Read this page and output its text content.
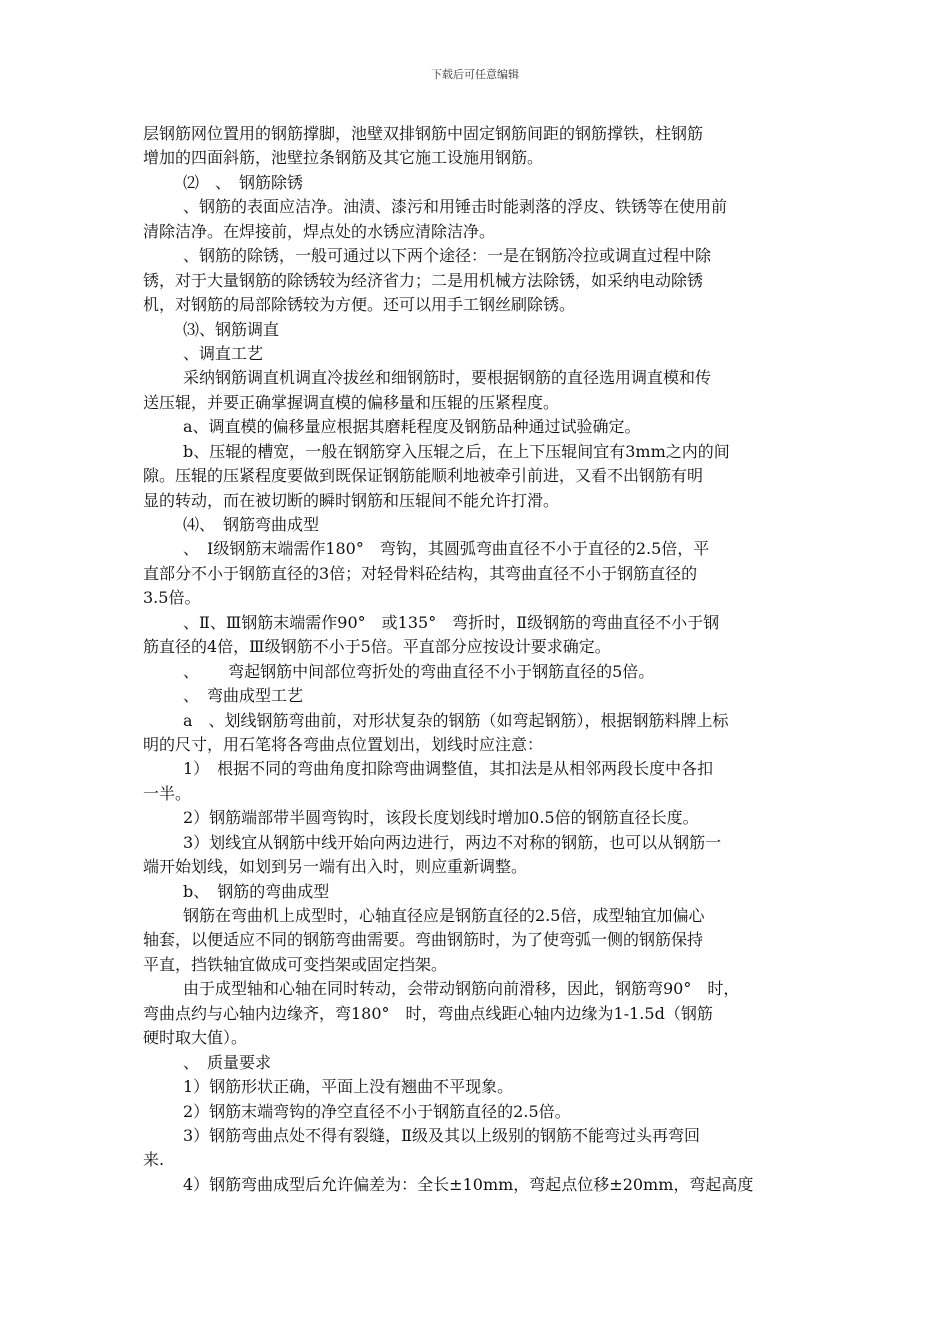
下载后可任意编辑
层钢筋网位置用的钢筋撑脚，池壁双排钢筋中固定钢筋间距的钢筋撑铁，柱钢筋
增加的四面斜筋，池壁拉条钢筋及其它施工设施用钢筋。
⑵　、　钢筋除锈
、钢筋的表面应洁净。油渍、漆污和用锤击时能剥落的浮皮、铁锈等在使用前
清除洁净。在焊接前，焊点处的水锈应清除洁净。
、钢筋的除锈，一般可通过以下两个途径：一是在钢筋冷拉或调直过程中除
锈，对于大量钢筋的除锈较为经济省力；二是用机械方法除锈，如采纳电动除锈
机，对钢筋的局部除锈较为方便。还可以用手工钢丝刷除锈。
⑶、钢筋调直
、调直工艺
采纳钢筋调直机调直冷拔丝和细钢筋时，要根据钢筋的直径选用调直模和传
送压辊，并要正确掌握调直模的偏移量和压辊的压紧程度。
a、调直模的偏移量应根据其磨耗程度及钢筋品种通过试验确定。
b、压辊的槽宽，一般在钢筋穿入压辊之后，在上下压辊间宜有3mm之内的间
隙。压辊的压紧程度要做到既保证钢筋能顺利地被牵引前进，又看不出钢筋有明
显的转动，而在被切断的瞬时钢筋和压辊间不能允许打滑。
⑷、　钢筋弯曲成型
、　Ⅰ级钢筋末端需作180°　弯钩，其圆弧弯曲直径不小于直径的2.5倍，平
直部分不小于钢筋直径的3倍；对轻骨料砼结构，其弯曲直径不小于钢筋直径的
3.5倍。
、Ⅱ、Ⅲ钢筋末端需作90°　或135°　弯折时，Ⅱ级钢筋的弯曲直径不小于钢
筋直径的4倍，Ⅲ级钢筋不小于5倍。平直部分应按设计要求确定。
、　　 弯起钢筋中间部位弯折处的弯曲直径不小于钢筋直径的5倍。
、　弯曲成型工艺
a　、划线钢筋弯曲前，对形状复杂的钢筋（如弯起钢筋），根据钢筋料牌上标
明的尺寸，用石笔将各弯曲点位置划出，划线时应注意：
1）　根据不同的弯曲角度扣除弯曲调整值，其扣法是从相邻两段长度中各扣
一半。
2）钢筋端部带半圆弯钩时，该段长度划线时增加0.5倍的钢筋直径长度。
3）划线宜从钢筋中线开始向两边进行，两边不对称的钢筋，也可以从钢筋一
端开始划线，如划到另一端有出入时，则应重新调整。
b、　钢筋的弯曲成型
钢筋在弯曲机上成型时，心轴直径应是钢筋直径的2.5倍，成型轴宜加偏心
轴套，以便适应不同的钢筋弯曲需要。弯曲钢筋时，为了使弯弧一侧的钢筋保持
平直，挡铁轴宜做成可变挡架或固定挡架。
由于成型轴和心轴在同时转动，会带动钢筋向前滑移，因此，钢筋弯90°　时，
弯曲点约与心轴内边缘齐，弯180°　时，弯曲点线距心轴内边缘为1-1.5d（钢筋
硬时取大值）。
、　质量要求
1）钢筋形状正确，平面上没有翘曲不平现象。
2）钢筋末端弯钩的净空直径不小于钢筋直径的2.5倍。
3）钢筋弯曲点处不得有裂缝，Ⅱ级及其以上级别的钢筋不能弯过头再弯回
来.
4）钢筋弯曲成型后允许偏差为：全长±10mm，弯起点位移±20mm，弯起高度
